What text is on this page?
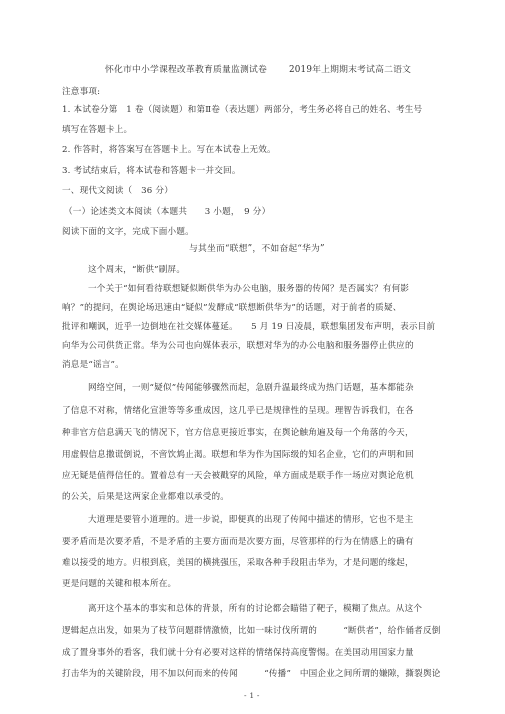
怀化市中小学课程改革教育质量监测试卷	2019年上期期末考试高二语文
注意事项:
1. 本试卷分第　1 卷（阅读题）和第Ⅱ卷（表达题）两部分，考生务必将自己的姓名、考生号
填写在答题卡上。
2. 作答时，将答案写在答题卡上。写在本试卷上无效。
3. 考试结束后，将本试卷和答题卡一并交回。
一、现代文阅读（　36 分）
（一）论述类文本阅读（本题共　　3 小题，　9 分）
阅读下面的文字，完成下面小题。
与其坐而“联想”，不如奋起“华为”
这个周末，“断供”刷屏。
一个关于“如何看待联想疑似断供华为办公电脑，服务器的传闻？是否属实？有何影
响？”的提问，在舆论场迅速由“疑似”发酵成“联想断供华为”的话题，对于前者的质疑、
批评和嘲讽，近乎一边倒地在社交媒体蔓延。　　5 月 19 日凌晨，联想集团发布声明，表示目前
向华为公司供货正常。华为公司也向媒体表示，联想对华为的办公电脑和服务器停止供应的
消息是“谣言”。
网络空间，一则“疑似”传闻能够骤然而起，急剧升温最终成为热门话题，基本都能杂
了信息不对称，情绪化宣泄等等多重成因，这几乎已是规律性的呈现。理智告诉我们，在各
种非官方信息满天飞的情况下，官方信息更接近事实，在舆论触角遍及每一个角落的今天，
用虚假信息撒谎倒说，不啻饮鸩止渴。联想和华为作为国际级的知名企业，它们的声明和回
应无疑是值得信任的。置着总有一天会被戳穿的风险，单方面成是联手作一场应对舆论危机
的公关，后果是这两家企业都难以承受的。
大道理是要管小道理的。进一步说，即便真的出现了传闻中描述的情形，它也不是主
要矛盾而是次要矛盾，不是矛盾的主要方面而是次要方面，尽管那样的行为在情感上的确有
难以接受的地方。归根到底，美国的横挑强压，采取各种手段阻击华为，才是问题的缘起，
更是问题的关键和根本所在。
离开这个基本的事实和总体的背景，所有的讨论都会瞄错了靶子，模糊了焦点。从这个
逻辑起点出发，如果为了枝节问题群情激愤，比如一味讨伐所谓的　　　“断供者”，给作俑者反倒
成了置身事外的看客，我们就十分有必要对这样的情绪保持高度警惕。在美国动用国家力量
打击华为的关键阶段，用不加以何而来的传闻　　　“传播”　中国企业之间所谓的嫌隙，撕裂舆论
- 1 -
